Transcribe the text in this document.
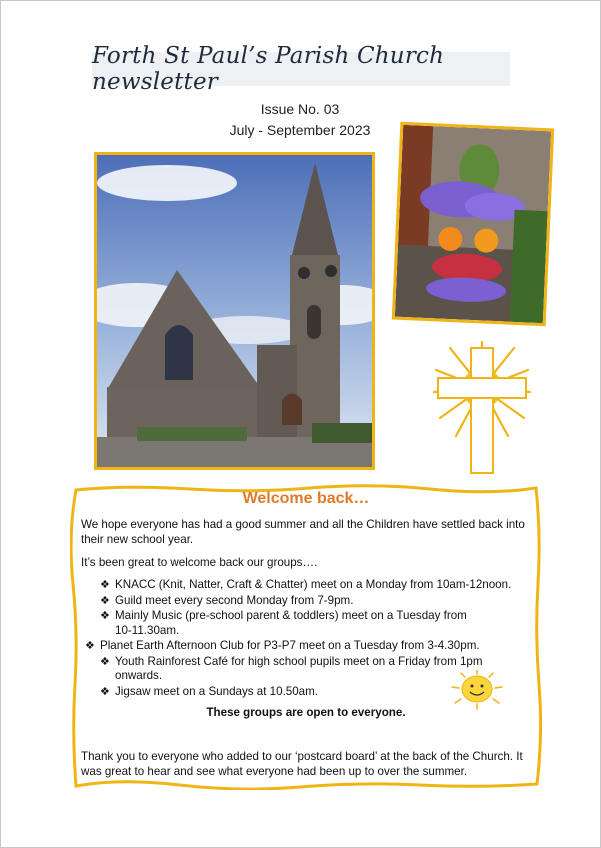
Forth St Paul’s Parish Church newsletter
Issue No. 03
July - September 2023
Welcome back…
We hope everyone has had a good summer and all the Children have settled back into their new school year.
It’s been great to welcome back our groups….
❖ KNACC (Knit, Natter, Craft & Chatter) meet on a Monday from 10am-12noon.
❖ Guild meet every second Monday from 7-9pm.
❖ Mainly Music (pre-school parent & toddlers) meet on a Tuesday from
10-11.30am.
❖ Planet Earth Afternoon Club for P3-P7 meet on a Tuesday from 3-4.30pm.
❖ Youth Rainforest Café for high school pupils meet on a Friday from 1pm
onwards.
❖ Jigsaw meet on a Sundays at 10.50am.
These groups are open to everyone.
Thank you to everyone who added to our ‘postcard board’ at the back of the Church. It was great to hear and see what everyone had been up to over the summer.
